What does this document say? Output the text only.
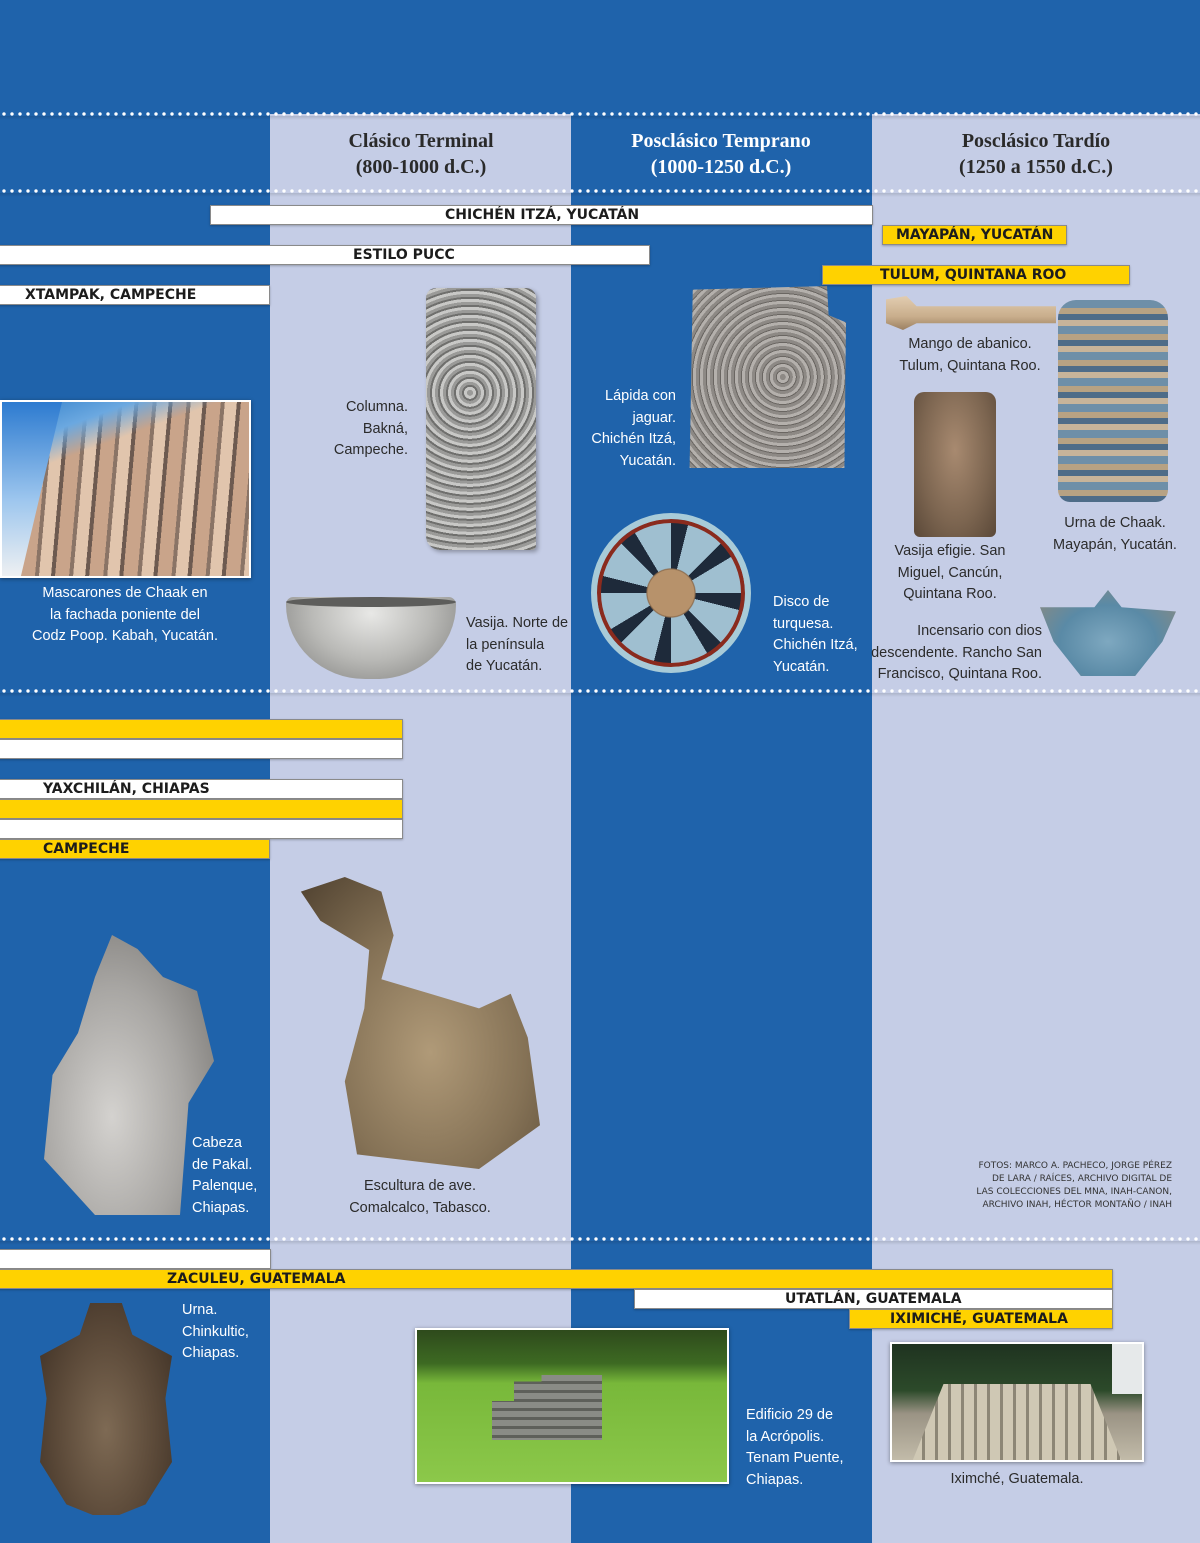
Clásico Terminal
(800-1000 d.C.)
Posclásico Temprano
(1000-1250 d.C.)
Posclásico Tardío
(1250 a 1550 d.C.)
CHICHÉN ITZÁ, YUCATÁN
ESTILO PUCC
XTAMPAK, CAMPECHE
MAYAPÁN, YUCATÁN
TULUM, QUINTANA ROO
Mascarones de Chaak en
la fachada poniente del
Codz Poop. Kabah, Yucatán.
Columna.
Bakná,
Campeche.
Vasija. Norte de
la península
de Yucatán.
Lápida con
jaguar.
Chichén Itzá,
Yucatán.
Disco de
turquesa.
Chichén Itzá,
Yucatán.
Mango de abanico.
Tulum, Quintana Roo.
Urna de Chaak.
Mayapán, Yucatán.
Vasija efigie. San
Miguel, Cancún,
Quintana Roo.
Incensario con dios
descendente. Rancho San
Francisco, Quintana Roo.
YAXCHILÁN, CHIAPAS
CAMPECHE
Cabeza
de Pakal.
Palenque,
Chiapas.
Escultura de ave.
Comalcalco, Tabasco.
FOTOS: MARCO A. PACHECO, JORGE PÉREZ
DE LARA / RAÍCES, ARCHIVO DIGITAL DE
LAS COLECCIONES DEL MNA, INAH-CANON,
ARCHIVO INAH, HÉCTOR MONTAÑO / INAH
ZACULEU, GUATEMALA
UTATLÁN, GUATEMALA
IXIMICHÉ, GUATEMALA
Urna.
Chinkultic,
Chiapas.
Edificio 29 de
la Acrópolis.
Tenam Puente,
Chiapas.	Iximché, Guatemala.
